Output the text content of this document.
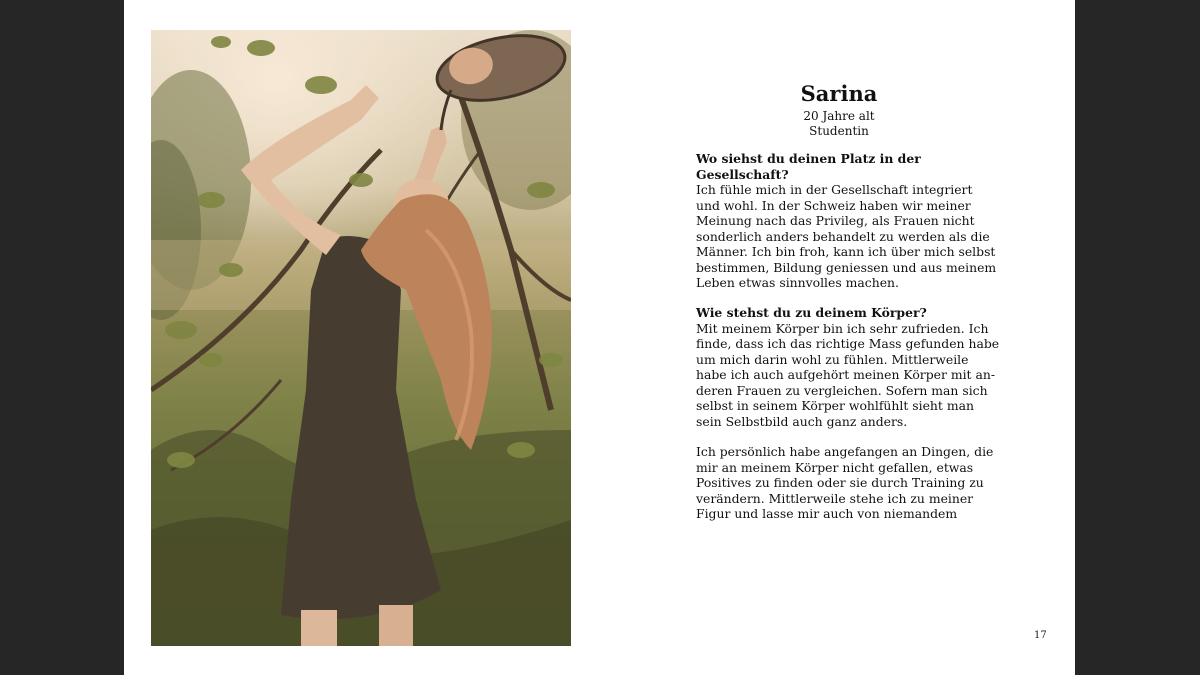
Sarina
20 Jahre alt
Studentin
Wo siehst du deinen Platz in der Gesellschaft?
Ich fühle mich in der Gesellschaft integriert
und wohl. In der Schweiz haben wir meiner
Meinung nach das Privileg, als Frauen nicht
sonderlich anders behandelt zu werden als die
Männer. Ich bin froh, kann ich über mich selbst
bestimmen, Bildung geniessen und aus meinem
Leben etwas sinnvolles machen.
Wie stehst du zu deinem Körper?
Mit meinem Körper bin ich sehr zufrieden. Ich
finde, dass ich das richtige Mass gefunden habe
um mich darin wohl zu fühlen. Mittlerweile
habe ich auch aufgehört meinen Körper mit an-
deren Frauen zu vergleichen. Sofern man sich
selbst in seinem Körper wohlfühlt sieht man
sein Selbstbild auch ganz anders.
Ich persönlich habe angefangen an Dingen, die
mir an meinem Körper nicht gefallen, etwas
Positives zu finden oder sie durch Training zu
verändern. Mittlerweile stehe ich zu meiner
Figur und lasse mir auch von niemandem
17
